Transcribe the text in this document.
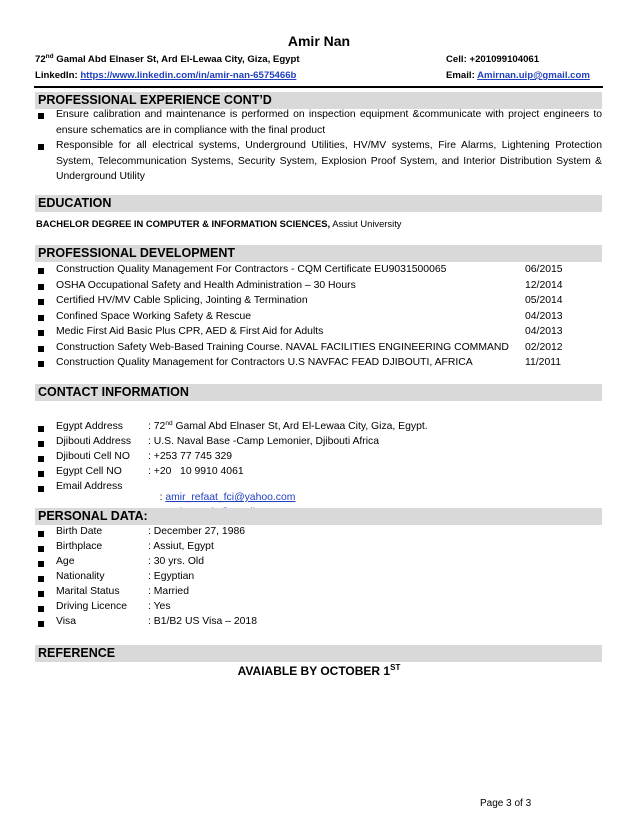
Amir Nan
72nd Gamal Abd Elnaser St, Ard El-Lewaa City, Giza, Egypt	Cell: +201099104061
LinkedIn: https://www.linkedin.com/in/amir-nan-6575466b	Email: Amirnan.uip@gmail.com
PROFESSIONAL EXPERIENCE CONT’D
Ensure calibration and maintenance is performed on inspection equipment &communicate with project engineers to ensure schematics are in compliance with the final product
Responsible for all electrical systems, Underground Utilities, HV/MV systems, Fire Alarms, Lightening Protection System, Telecommunication Systems, Security System, Explosion Proof System, and Interior Distribution System & Underground Utility
EDUCATION
BACHELOR DEGREE IN COMPUTER & INFORMATION SCIENCES, Assiut University
PROFESSIONAL DEVELOPMENT
Construction Quality Management For Contractors - CQM Certificate EU9031500065	06/2015
OSHA Occupational Safety and Health Administration – 30 Hours	12/2014
Certified HV/MV Cable Splicing, Jointing & Termination	05/2014
Confined Space Working Safety & Rescue	04/2013
Medic First Aid Basic Plus CPR, AED & First Aid for Adults	04/2013
Construction Safety Web-Based Training Course. NAVAL FACILITIES ENGINEERING COMMAND 02/2012
Construction Quality Management for Contractors U.S NAVFAC FEAD DJIBOUTI, AFRICA	11/2011
CONTACT INFORMATION
Egypt Address : 72nd Gamal Abd Elnaser St, Ard El-Lewaa City, Giza, Egypt.
Djibouti Address : U.S. Naval Base -Camp Lemonier, Djibouti Africa
Djibouti Cell NO : +253 77 745 329
Egypt Cell NO	: +20   10 9910 4061
Email Address

: amir_refaat_fci@yahoo.com

PERSONAL DATA:
Birth Date	: December 27, 1986
Birthplace	: Assiut, Egypt
Age	: 30 yrs. Old
Nationality	: Egyptian
Marital Status	: Married
Driving Licence : Yes
Visa	: B1/B2 US Visa – 2018
REFERENCE
AVAIABLE BY OCTOBER 1ST
Page 3 of 3
